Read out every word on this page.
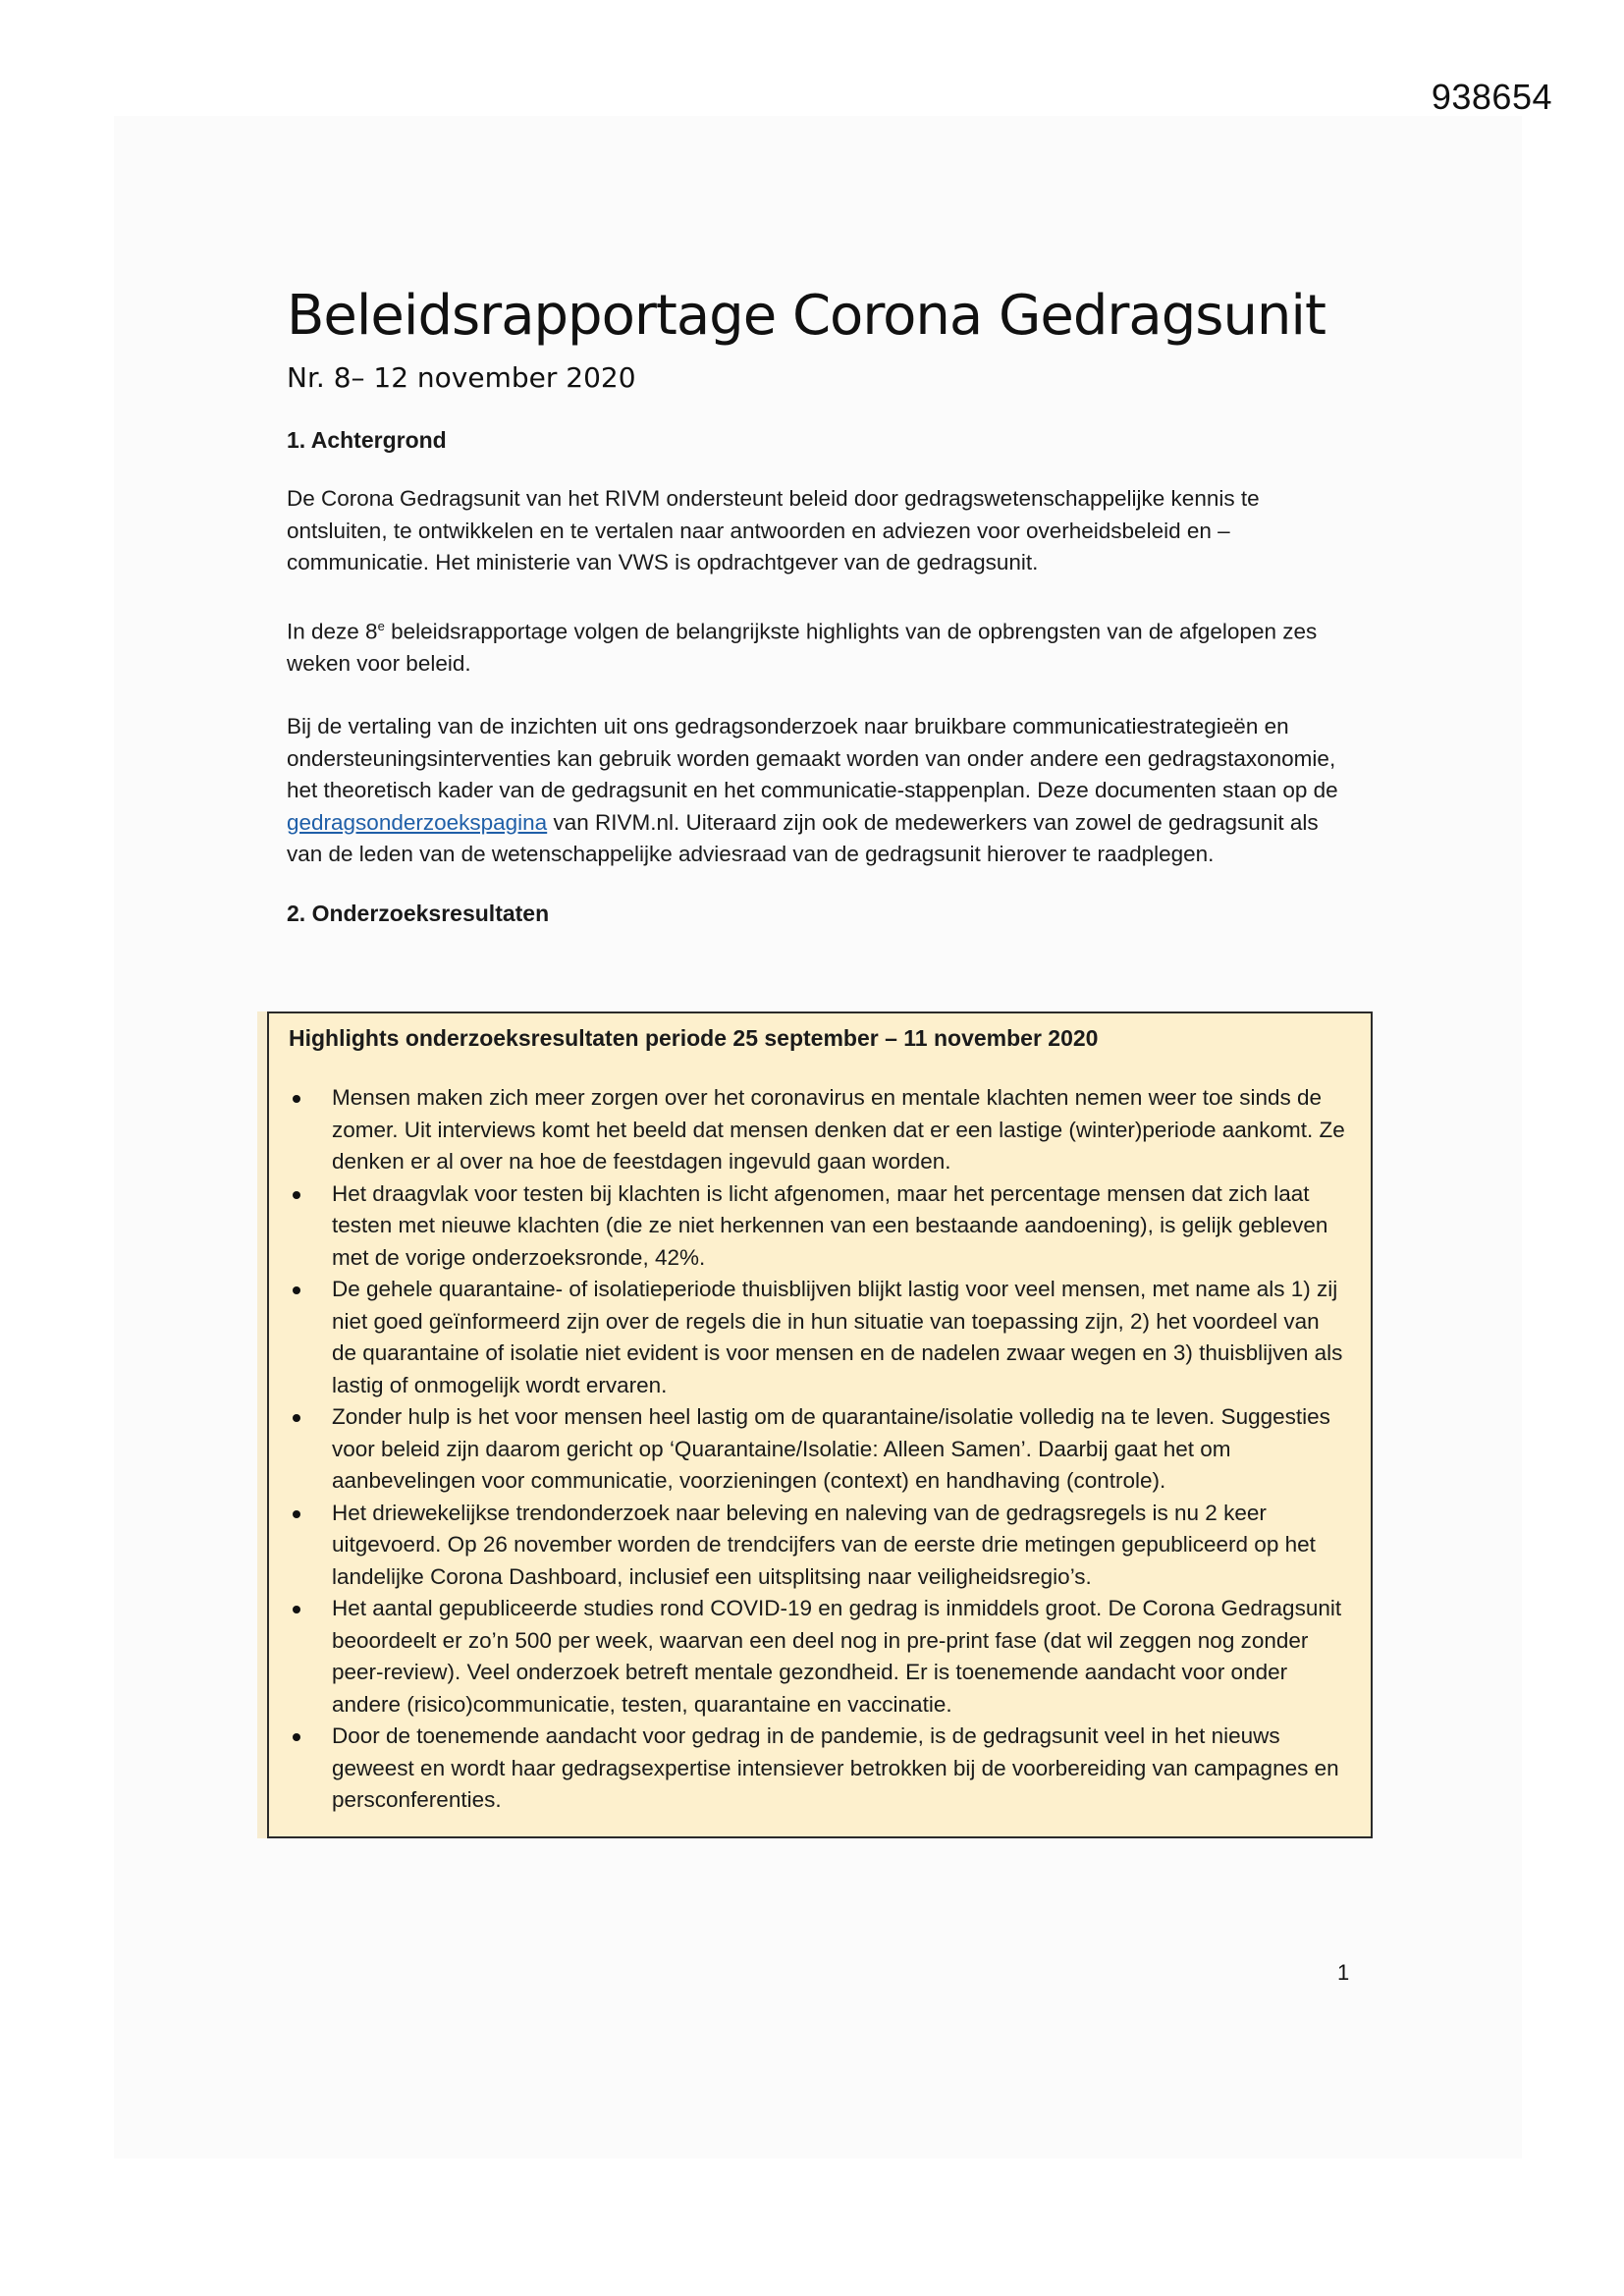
938654
Beleidsrapportage Corona Gedragsunit
Nr. 8– 12 november 2020
1. Achtergrond

De Corona Gedragsunit van het RIVM ondersteunt beleid door gedragswetenschappelijke kennis te ontsluiten, te ontwikkelen en te vertalen naar antwoorden en adviezen voor overheidsbeleid en – communicatie. Het ministerie van VWS is opdrachtgever van de gedragsunit.

In deze 8e beleidsrapportage volgen de belangrijkste highlights van de opbrengsten van de afgelopen zes weken voor beleid.

Bij de vertaling van de inzichten uit ons gedragsonderzoek naar bruikbare communicatiestrategieën en ondersteuningsinterventies kan gebruik worden gemaakt worden van onder andere een gedragstaxonomie, het theoretisch kader van de gedragsunit en het communicatie-stappenplan. Deze documenten staan op de gedragsonderzoekspagina van RIVM.nl. Uiteraard zijn ook de medewerkers van zowel de gedragsunit als van de leden van de wetenschappelijke adviesraad van de gedragsunit hierover te raadplegen.

2. Onderzoeksresultaten
Highlights onderzoeksresultaten periode 25 september – 11 november 2020
Mensen maken zich meer zorgen over het coronavirus en mentale klachten nemen weer toe sinds de zomer. Uit interviews komt het beeld dat mensen denken dat er een lastige (winter)periode aankomt. Ze denken er al over na hoe de feestdagen ingevuld gaan worden.
Het draagvlak voor testen bij klachten is licht afgenomen, maar het percentage mensen dat zich laat testen met nieuwe klachten (die ze niet herkennen van een bestaande aandoening), is gelijk gebleven met de vorige onderzoeksronde, 42%.
De gehele quarantaine- of isolatieperiode thuisblijven blijkt lastig voor veel mensen, met name als 1) zij niet goed geïnformeerd zijn over de regels die in hun situatie van toepassing zijn, 2) het voordeel van de quarantaine of isolatie niet evident is voor mensen en de nadelen zwaar wegen en 3) thuisblijven als lastig of onmogelijk wordt ervaren.
Zonder hulp is het voor mensen heel lastig om de quarantaine/isolatie volledig na te leven. Suggesties voor beleid zijn daarom gericht op ‘Quarantaine/Isolatie: Alleen Samen’. Daarbij gaat het om aanbevelingen voor communicatie, voorzieningen (context) en handhaving (controle).
Het driewekelijkse trendonderzoek naar beleving en naleving van de gedragsregels is nu 2 keer uitgevoerd. Op 26 november worden de trendcijfers van de eerste drie metingen gepubliceerd op het landelijke Corona Dashboard, inclusief een uitsplitsing naar veiligheidsregio’s.
Het aantal gepubliceerde studies rond COVID-19 en gedrag is inmiddels groot. De Corona Gedragsunit beoordeelt er zo’n 500 per week, waarvan een deel nog in pre-print fase (dat wil zeggen nog zonder peer-review). Veel onderzoek betreft mentale gezondheid. Er is toenemende aandacht voor onder andere (risico)communicatie, testen, quarantaine en vaccinatie.
Door de toenemende aandacht voor gedrag in de pandemie, is de gedragsunit veel in het nieuws geweest en wordt haar gedragsexpertise intensiever betrokken bij de voorbereiding van campagnes en persconferenties.
1
